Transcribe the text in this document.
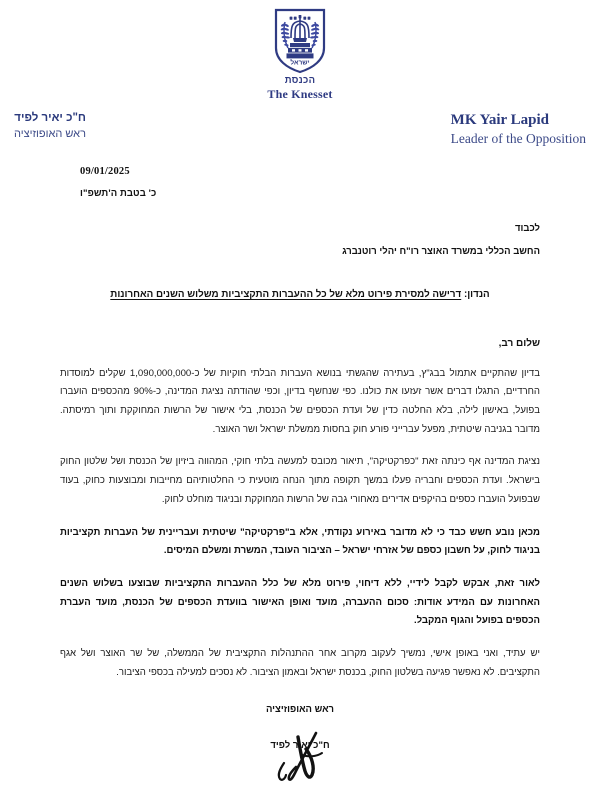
ישראל
הכנסת
The Knesset
MK Yair Lapid
Leader of the Opposition
ח"כ יאיר לפיד
ראש האופוזיציה
09/01/2025
כ' בטבת ה'תשפ"ו
לכבוד
החשב הכללי במשרד האוצר רו"ח יהלי רוטנברג
הנדון: דרישה למסירת פירוט מלא של כל ההעברות התקציביות משלוש השנים האחרונות
שלום רב,

בדיון שהתקיים אתמול בבג"ץ, בעתירה שהגשתי בנושא העברות הבלתי חוקיות של כ-1,090,000,000 שקלים למוסדות החרדיים, התגלו דברים אשר זעזעו את כולנו. כפי שנחשף בדיון, וכפי שהודתה נציגת המדינה, כ-90% מהכספים הועברו בפועל, באישון לילה, בלא החלטה כדין של ועדת הכספים של הכנסת, בלי אישור של הרשות המחוקקת ותוך רמיסתה. מדובר בגניבה שיטתית, מפעל עברייני פורע חוק בחסות ממשלת ישראל ושר האוצר.

נציגת המדינה אף כינתה זאת "כפרקטיקה", תיאור מכובס למעשה בלתי חוקי, המהווה ביזיון של הכנסת ושל שלטון החוק בישראל. ועדת הכספים וחבריה פעלו במשך תקופה מתוך הנחה מוטעית כי החלטותיהם מחייבות ומבוצעות כחוק, בעוד שבפועל הועברו כספים בהיקפים אדירים מאחורי גבה של הרשות המחוקקת ובניגוד מוחלט לחוק.

מכאן נובע חשש כבד כי לא מדובר באירוע נקודתי, אלא ב"פרקטיקה" שיטתית ועבריינית של העברות תקציביות בניגוד לחוק, על חשבון כספם של אזרחי ישראל – הציבור העובד, המשרת ומשלם המיסים.

לאור זאת, אבקש לקבל לידיי, ללא דיחוי, פירוט מלא של כלל ההעברות התקציביות שבוצעו בשלוש השנים האחרונות עם המידע אודות: סכום ההעברה, מועד ואופן האישור בוועדת הכספים של הכנסת, מועד העברת הכספים בפועל והגוף המקבל.

יש עתיד, ואני באופן אישי, נמשיך לעקוב מקרוב אחר ההתנהלות התקציבית של הממשלה, של שר האוצר ושל אגף התקציבים. לא נאפשר פגיעה בשלטון החוק, בכנסת ישראל ובאמון הציבור. לא נסכים למעילה בכספי הציבור.

ראש האופוזיציה
ח"כ יאיר לפיד
